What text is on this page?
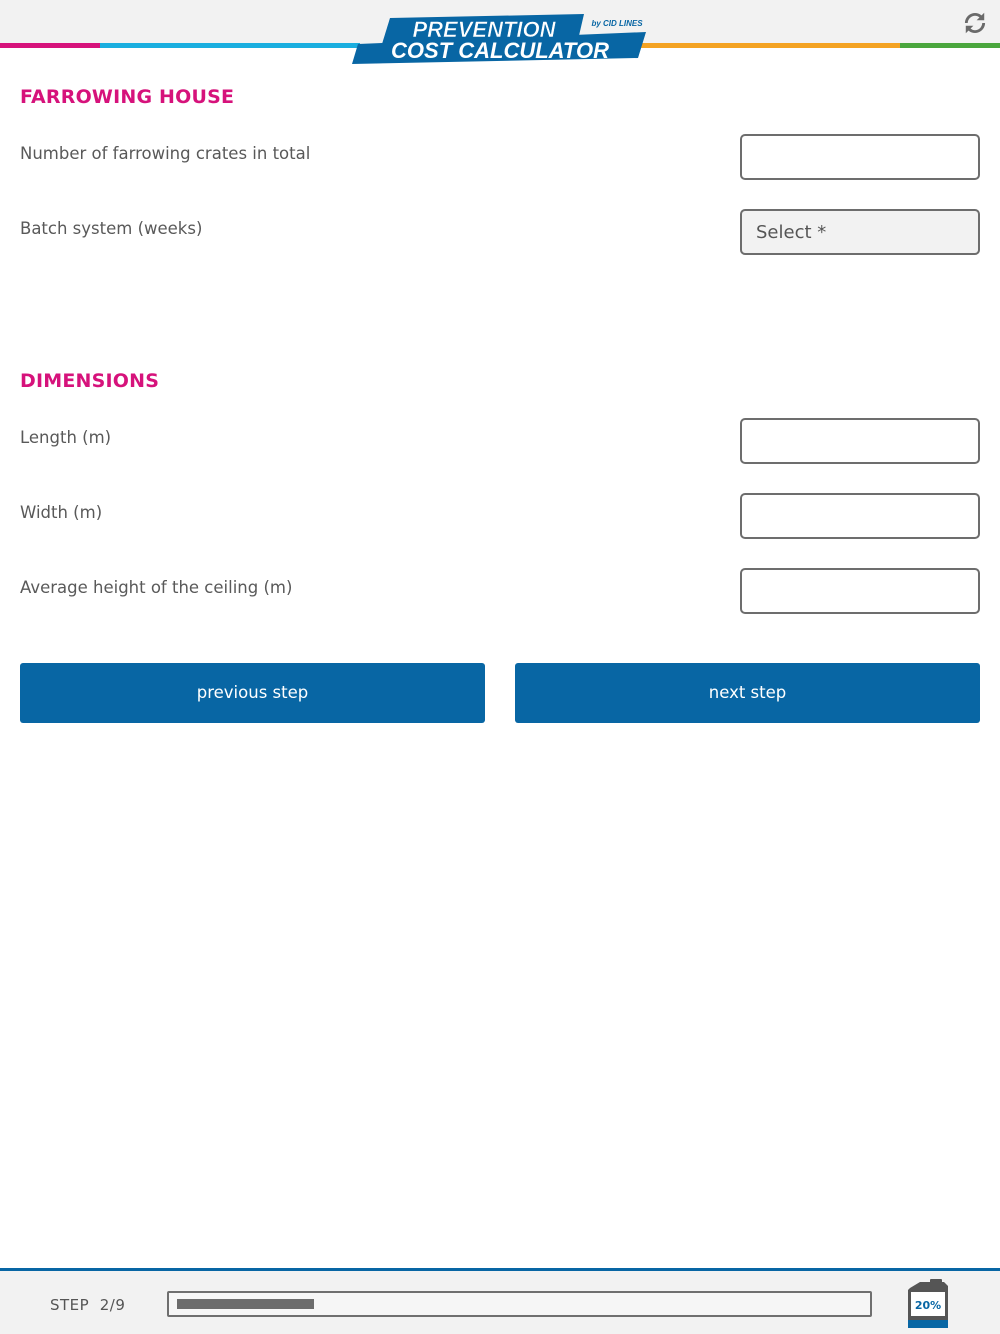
PREVENTION
COST CALCULATOR
by CID LINES
FARROWING HOUSE
Number of farrowing crates in total
Batch system (weeks)	Select *
DIMENSIONS
Length (m)
Width (m)
Average height of the ceiling (m)
previous step	next step
STEP  2/9	20%
